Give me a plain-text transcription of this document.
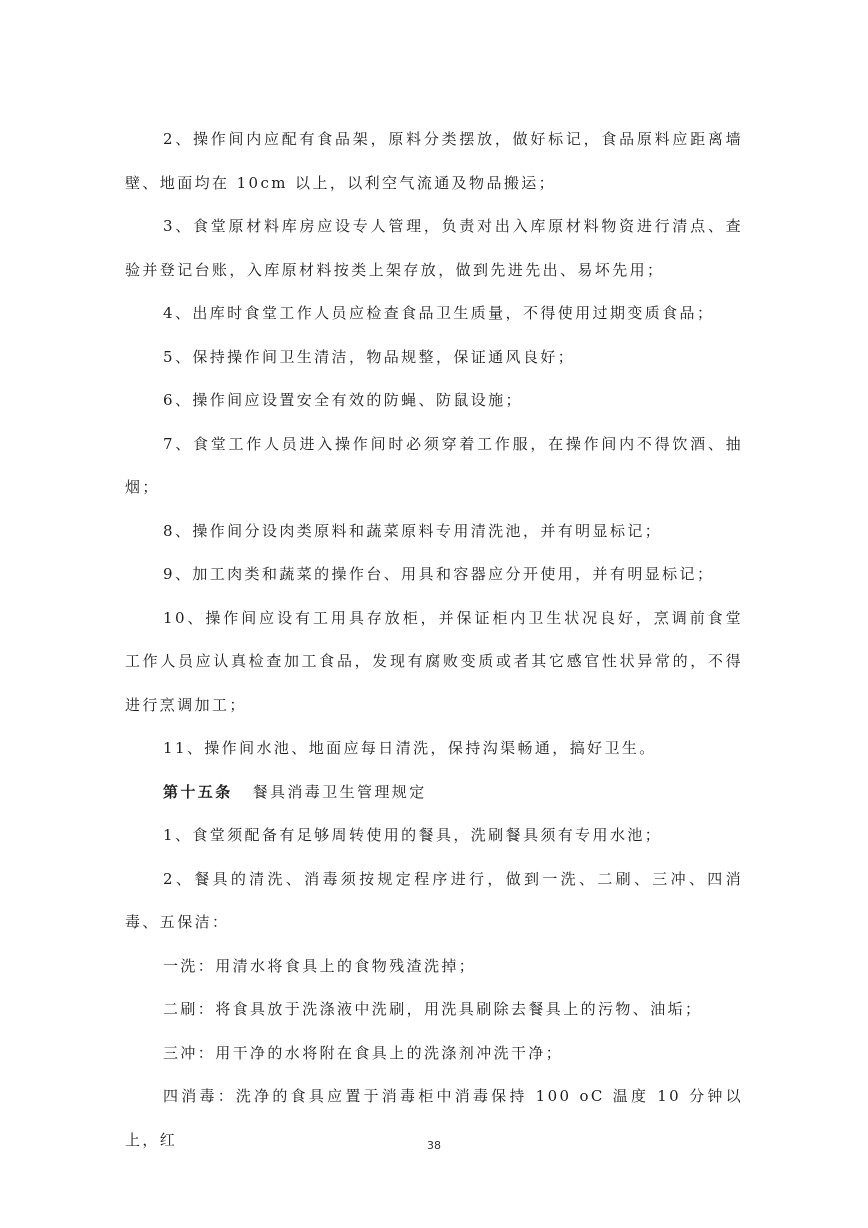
2、操作间内应配有食品架，原料分类摆放，做好标记，食品原料应距离墙壁、地面均在 10cm 以上，以利空气流通及物品搬运；

3、食堂原材料库房应设专人管理，负责对出入库原材料物资进行清点、查验并登记台账，入库原材料按类上架存放，做到先进先出、易坏先用；

4、出库时食堂工作人员应检查食品卫生质量，不得使用过期变质食品；

5、保持操作间卫生清洁，物品规整，保证通风良好；

6、操作间应设置安全有效的防蝇、防鼠设施；

7、食堂工作人员进入操作间时必须穿着工作服，在操作间内不得饮酒、抽烟；

8、操作间分设肉类原料和蔬菜原料专用清洗池，并有明显标记；

9、加工肉类和蔬菜的操作台、用具和容器应分开使用，并有明显标记；

10、操作间应设有工用具存放柜，并保证柜内卫生状况良好，烹调前食堂工作人员应认真检查加工食品，发现有腐败变质或者其它感官性状异常的，不得进行烹调加工；

11、操作间水池、地面应每日清洗，保持沟渠畅通，搞好卫生。

第十五条 餐具消毒卫生管理规定

1、食堂须配备有足够周转使用的餐具，洗刷餐具须有专用水池；

2、餐具的清洗、消毒须按规定程序进行，做到一洗、二刷、三冲、四消毒、五保洁：

一洗：用清水将食具上的食物残渣洗掉；

二刷：将食具放于洗涤液中洗刷，用洗具刷除去餐具上的污物、油垢；

三冲：用干净的水将附在食具上的洗涤剂冲洗干净；

四消毒：洗净的食具应置于消毒柜中消毒保持 100 oC 温度 10 分钟以上，红	38
